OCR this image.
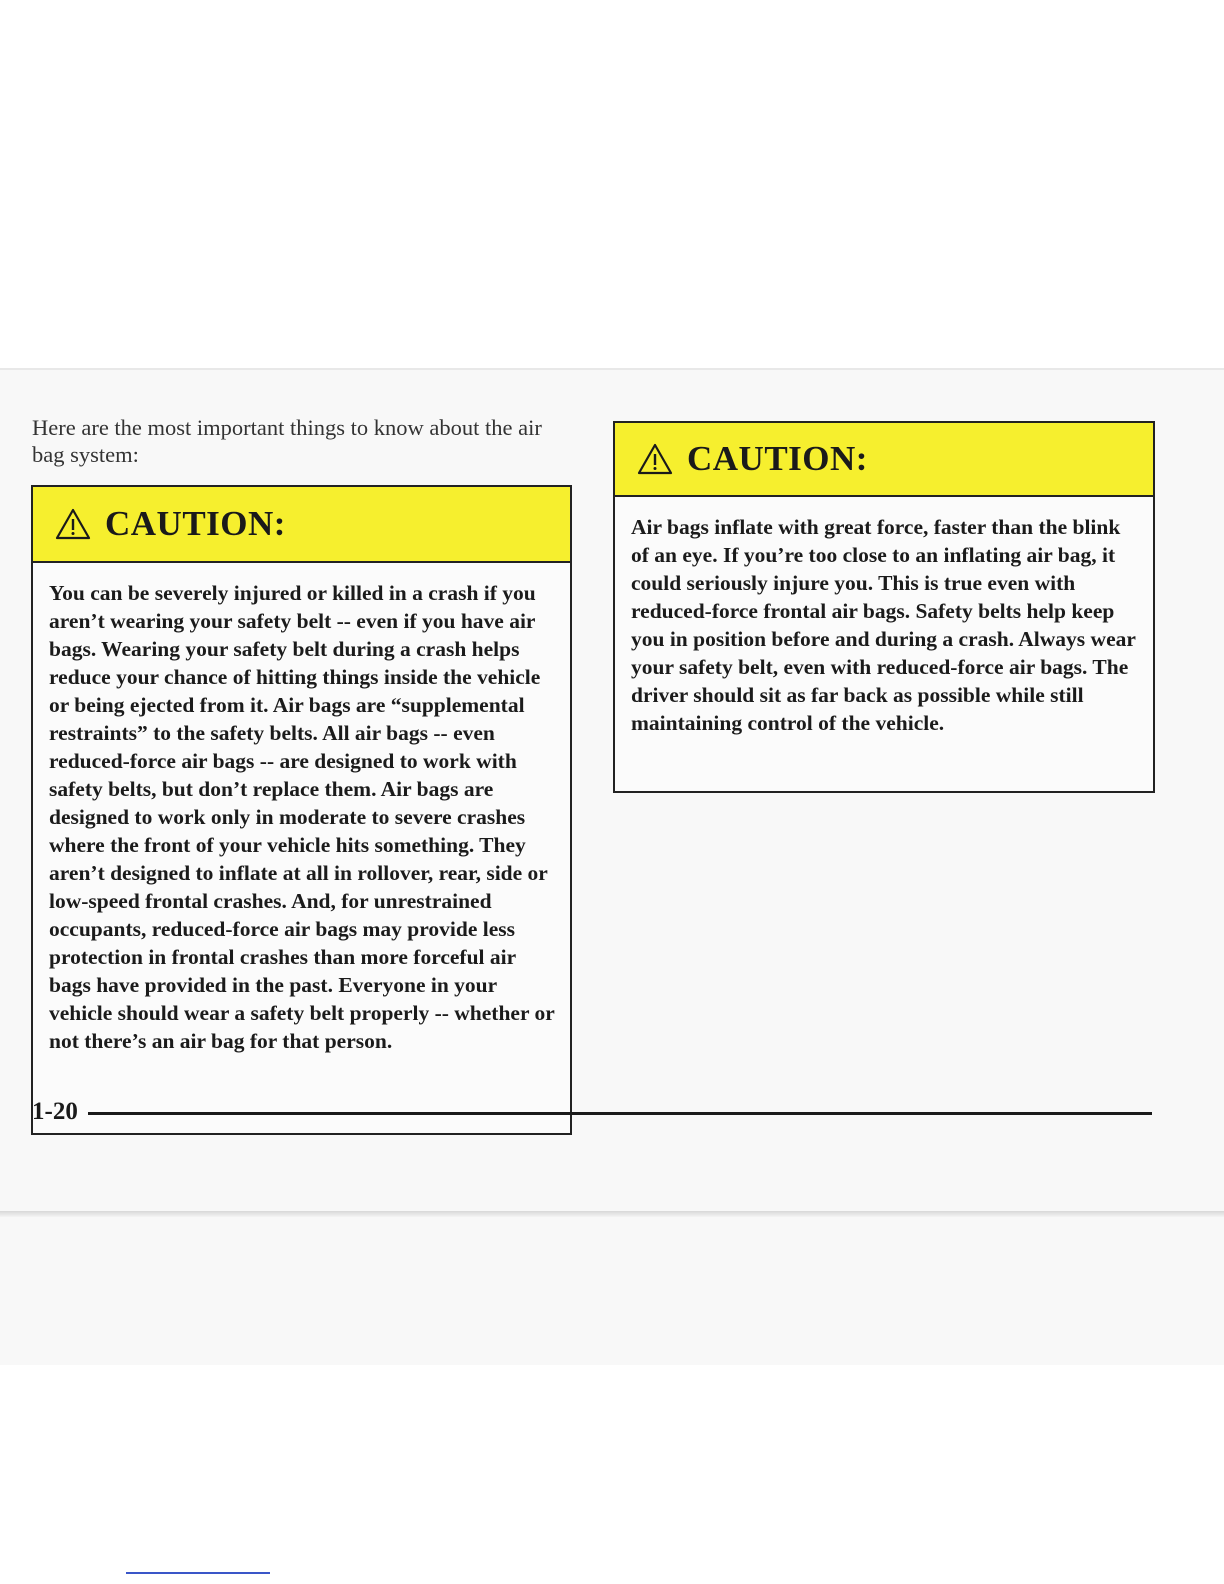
Here are the most important things to know about the air bag system:

CAUTION:

You can be severely injured or killed in a crash if you aren’t wearing your safety belt -- even if you have air bags. Wearing your safety belt during a crash helps reduce your chance of hitting things inside the vehicle or being ejected from it. Air bags are “supplemental restraints” to the safety belts. All air bags -- even reduced-force air bags -- are designed to work with safety belts, but don’t replace them. Air bags are designed to work only in moderate to severe crashes where the front of your vehicle hits something. They aren’t designed to inflate at all in rollover, rear, side or low-speed frontal crashes. And, for unrestrained occupants, reduced-force air bags may provide less protection in frontal crashes than more forceful air bags have provided in the past. Everyone in your vehicle should wear a safety belt properly -- whether or not there’s an air bag for that person.

CAUTION:

Air bags inflate with great force, faster than the blink of an eye. If you’re too close to an inflating air bag, it could seriously injure you. This is true even with reduced-force frontal air bags. Safety belts help keep you in position before and during a crash. Always wear your safety belt, even with reduced-force air bags. The driver should sit as far back as possible while still maintaining control of the vehicle.

1-20
